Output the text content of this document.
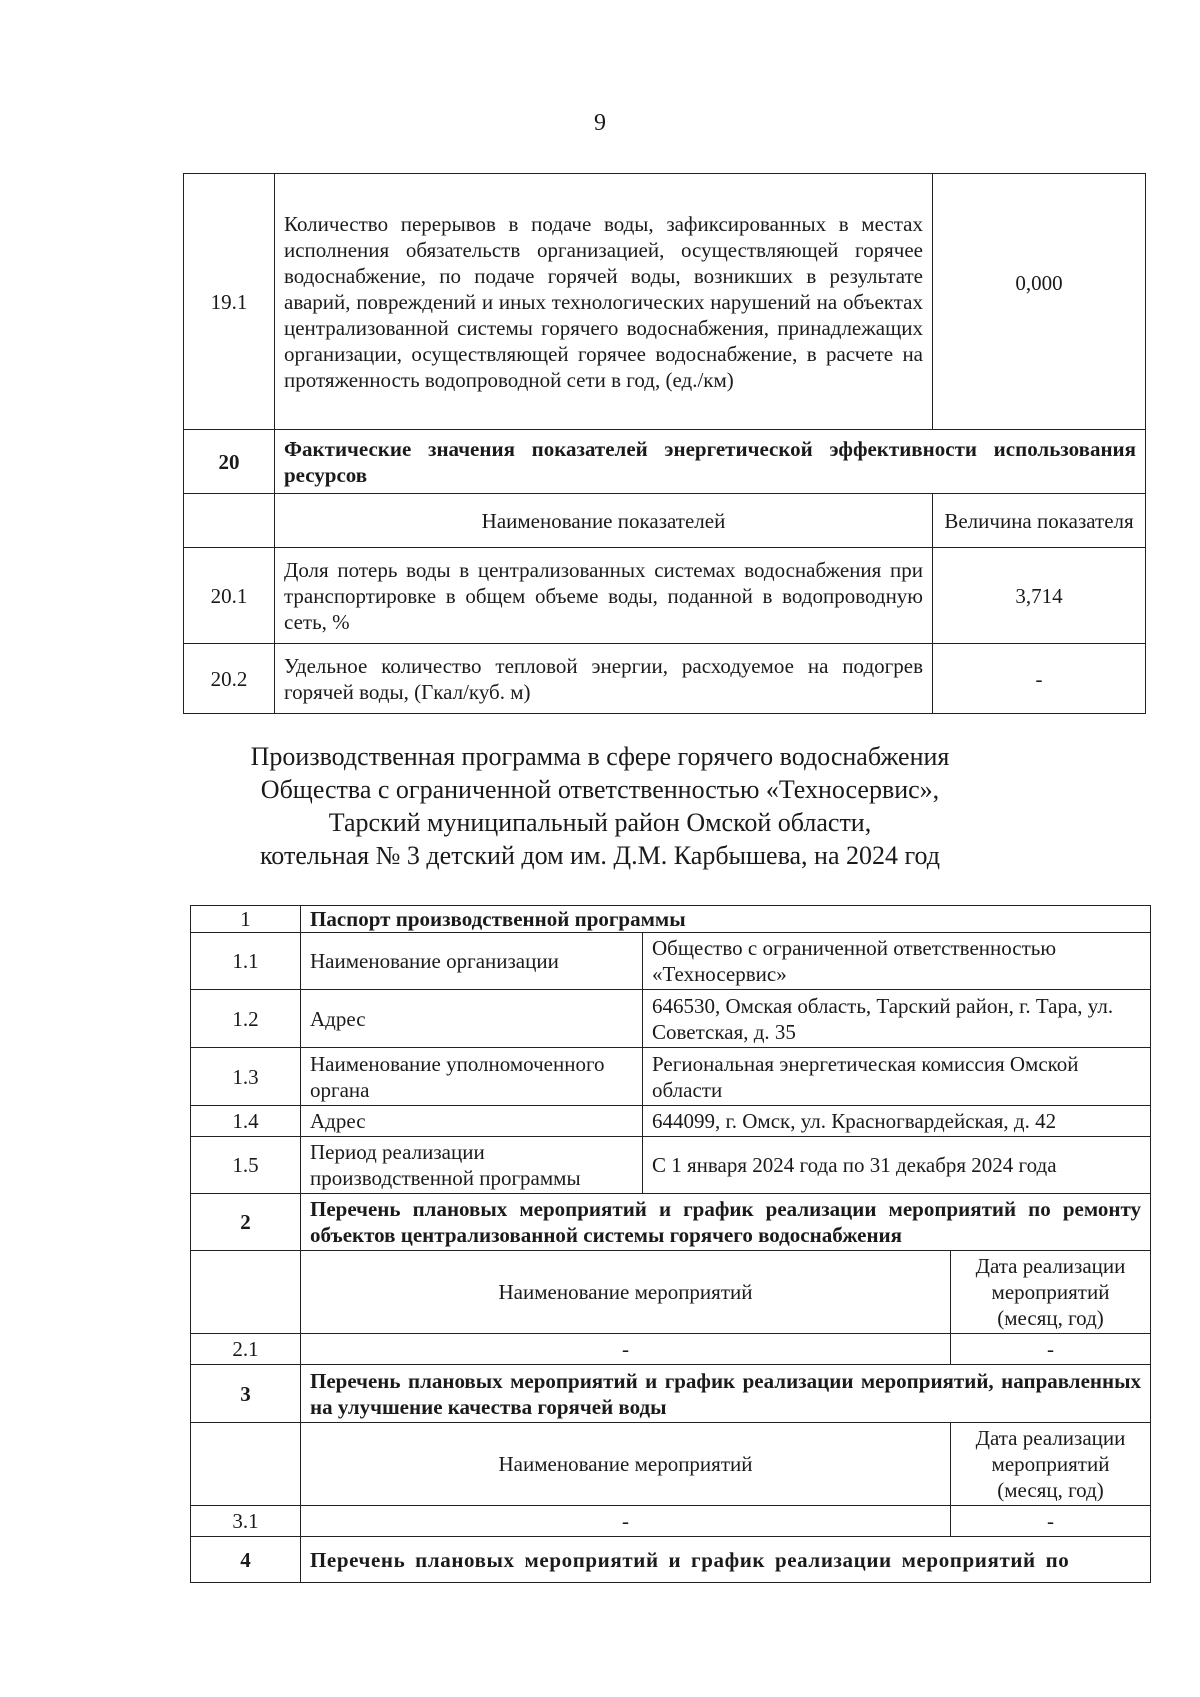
9
19.1	Количество перерывов в подаче воды, зафиксированных в местах исполнения обязательств организацией, осуществляющей горячее водоснабжение, по подаче горячей воды, возникших в результате аварий, повреждений и иных технологических нарушений на объектах централизованной системы горячего водоснабжения, принадлежащих организации, осуществляющей горячее водоснабжение, в расчете на протяженность водопроводной сети в год, (ед./км)	0,000
20	Фактические значения показателей энергетической эффективности использования ресурсов	
	Наименование показателей	Величина показателя
20.1	Доля потерь воды в централизованных системах водоснабжения при транспортировке в общем объеме воды, поданной в водопроводную сеть, %	3,714
20.2	Удельное количество тепловой энергии, расходуемое на подогрев горячей воды, (Гкал/куб. м)	-
Производственная программа в сфере горячего водоснабжения
Общества с ограниченной ответственностью «Техносервис»,
Тарский муниципальный район Омской области,
котельная № 3 детский дом им. Д.М. Карбышева, на 2024 год
1	Паспорт производственной программы		
1.1	Наименование организации	Общество с ограниченной ответственностью «Техносервис»	
1.2	Адрес	646530, Омская область, Тарский район, г. Тара, ул. Советская, д. 35	
1.3	Наименование уполномоченного органа	Региональная энергетическая комиссия Омской области	
1.4	Адрес	644099, г. Омск, ул. Красногвардейская, д. 42	
1.5	Период реализации производственной программы	С 1 января 2024 года по 31 декабря 2024 года	
2	Перечень плановых мероприятий и график реализации мероприятий по ремонту объектов централизованной системы горячего водоснабжения		
	Наименование мероприятий		Дата реализации мероприятий (месяц, год)
2.1	-		-
3	Перечень плановых мероприятий и график реализации мероприятий, направленных на улучшение качества горячей воды		
	Наименование мероприятий		Дата реализации мероприятий (месяц, год)
3.1	-		-
4	Перечень плановых мероприятий и график реализации мероприятий по		
